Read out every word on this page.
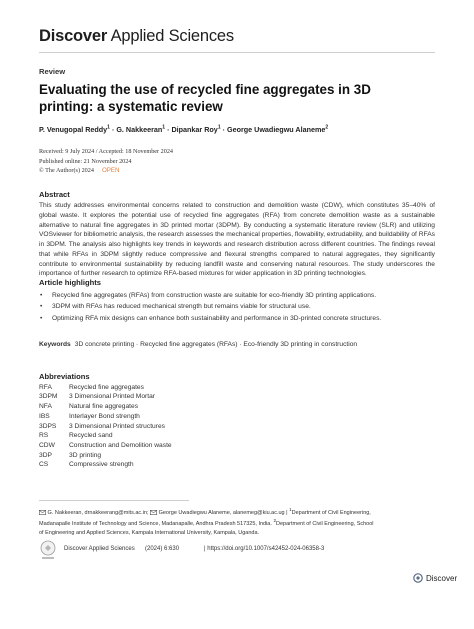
Discover Applied Sciences
Review
Evaluating the use of recycled fine aggregates in 3D printing: a systematic review
P. Venugopal Reddy$^1$ · G. Nakkeeran$^1$ · Dipankar Roy$^1$ · George Uwadiegwu Alaneme$^2$
Received: 9 July 2024 / Accepted: 18 November 2024
Published online: 21 November 2024
© The Author(s) 2024 OPEN
Abstract
This study addresses environmental concerns related to construction and demolition waste (CDW), which constitutes 35–40% of global waste. It explores the potential use of recycled fine aggregates (RFA) from concrete demolition waste as a sustainable alternative to natural fine aggregates in 3D printed mortar (3DPM). By conducting a systematic literature review (SLR) and utilizing VOSviewer for bibliometric analysis, the research assesses the mechanical properties, flowability, extrudability, and buildability of RFAs in 3DPM. The analysis also highlights key trends in keywords and research distribution across different countries. The findings reveal that while RFAs in 3DPM slightly reduce compressive and flexural strengths compared to natural aggregates, they significantly contribute to environmental sustainability by reducing landfill waste and conserving natural resources. The study underscores the importance of further research to optimize RFA-based mixtures for wider application in 3D printing technologies.
Article highlights
• Recycled fine aggregates (RFAs) from construction waste are suitable for eco-friendly 3D printing applications.
• 3DPM with RFAs has reduced mechanical strength but remains viable for structural use.
• Optimizing RFA mix designs can enhance both sustainability and performance in 3D-printed concrete structures.
Keywords 3D concrete printing · Recycled fine aggregates (RFAs) · Eco-friendly 3D printing in construction
Abbreviations
RFA	Recycled fine aggregates
3DPM	3 Dimensional Printed Mortar
NFA	Natural fine aggregates
IBS	Interlayer Bond strength
3DPS	3 Dimensional Printed structures
RS	Recycled sand
CDW	Construction and Demolition waste
3DP	3D printing
CS	Compressive strength
G. Nakkeeran, drnakkeerang@mits.ac.in; George Uwadiegwu Alaneme, alanemeg@kiu.ac.ug | $^1$Department of Civil Engineering,
Madanapalle Institute of Technology and Science, Madanapalle, Andhra Pradesh 517325, India. $^2$Department of Civil Engineering, School
of Engineering and Applied Sciences, Kampala International University, Kampala, Uganda.
Discover Applied Sciences (2024) 6:630	| https://doi.org/10.1007/s42452-024-06358-3
Discover
